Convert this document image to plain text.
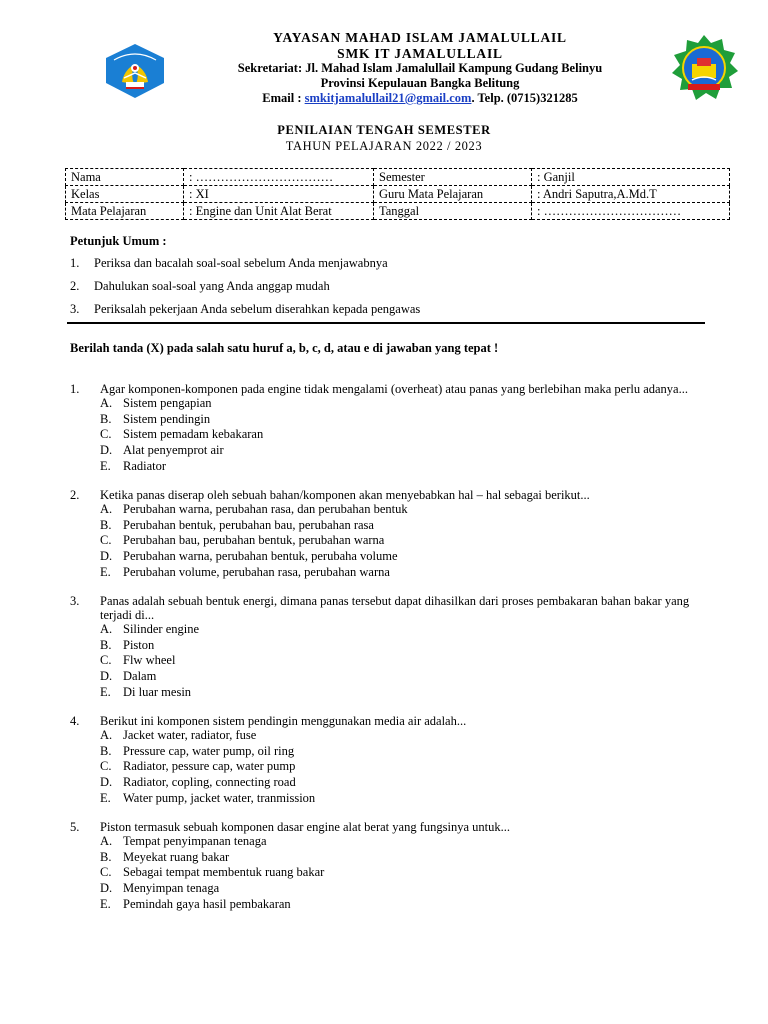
YAYASAN MAHAD ISLAM JAMALULLAIL
SMK IT JAMALULLAIL
Sekretariat: Jl. Mahad Islam Jamalullail Kampung Gudang Belinyu
Provinsi Kepulauan Bangka Belitung
Email : smkitjamalullail21@gmail.com. Telp. (0715)321285
PENILAIAN TENGAH SEMESTER
TAHUN PELAJARAN 2022 / 2023
Nama	: ……………………………	Semester	: Ganjil
Kelas	: XI	Guru Mata Pelajaran	: Andri Saputra,A.Md.T
Mata Pelajaran	: Engine dan Unit Alat Berat	Tanggal	: ……………………………
Petunjuk Umum :
1.	Periksa dan bacalah soal-soal sebelum Anda menjawabnya
2.	Dahulukan soal-soal yang Anda anggap mudah
3.	Periksalah pekerjaan Anda sebelum diserahkan kepada pengawas
Berilah tanda (X) pada salah satu huruf a, b, c, d, atau e di jawaban yang tepat !
1.	Agar komponen-komponen pada engine tidak mengalami (overheat) atau panas yang berlebihan maka perlu adanya...
A. Sistem pengapian
B. Sistem pendingin
C. Sistem pemadam kebakaran
D. Alat penyemprot air
E. Radiator
2.	Ketika panas diserap oleh sebuah bahan/komponen akan menyebabkan hal – hal sebagai berikut...
A. Perubahan warna, perubahan rasa, dan perubahan bentuk
B. Perubahan bentuk, perubahan bau, perubahan rasa
C. Perubahan bau, perubahan bentuk, perubahan warna
D. Perubahan warna, perubahan bentuk, perubaha volume
E. Perubahan volume, perubahan rasa, perubahan warna
3.	Panas adalah sebuah bentuk energi, dimana panas tersebut dapat dihasilkan dari proses pembakaran bahan bakar yang terjadi di...
A. Silinder engine
B. Piston
C. Flw wheel
D. Dalam
E. Di luar mesin
4.	Berikut ini komponen sistem pendingin menggunakan media air adalah...
A. Jacket water, radiator, fuse
B. Pressure cap, water pump, oil ring
C. Radiator, pessure cap, water pump
D. Radiator, copling, connecting road
E. Water pump, jacket water, tranmission
5.	Piston termasuk sebuah komponen dasar engine alat berat yang fungsinya untuk...
A. Tempat penyimpanan tenaga
B. Meyekat ruang bakar
C. Sebagai tempat membentuk ruang bakar
D. Menyimpan tenaga
E. Pemindah gaya hasil pembakaran
